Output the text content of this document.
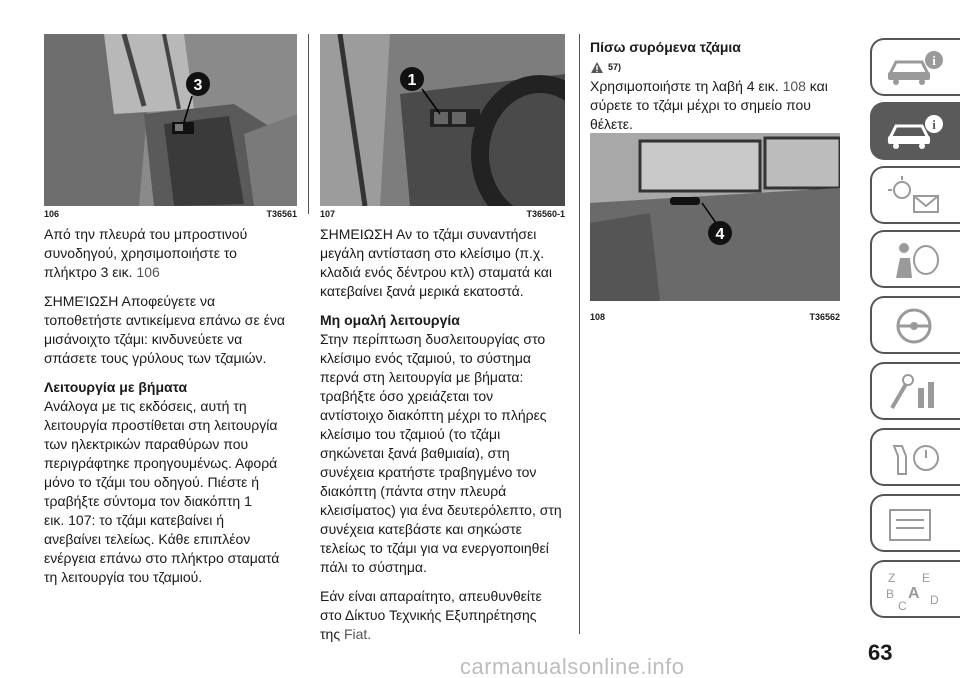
3
106	T36561
1
107	T36560-1
4
108	T36562

Από την πλευρά του μπροστινού
συνοδηγού, χρησιμοποιήστε το
πλήκτρο 3 εικ. 106

ΣΗΜΕΊΩΣΗ Αποφεύγετε να
τοποθετήστε αντικείμενα επάνω σε ένα
μισάνοιχτο τζάμι: κινδυνεύετε να
σπάσετε τους γρύλους των τζαμιών.

Λειτουργία με βήματα

Ανάλογα με τις εκδόσεις, αυτή τη
λειτουργία προστίθεται στη λειτουργία
των ηλεκτρικών παραθύρων που
περιγράφτηκε προηγουμένως. Αφορά
μόνο το τζάμι του οδηγού. Πιέστε ή
τραβήξτε σύντομα τον διακόπτη 1
εικ. 107: το τζάμι κατεβαίνει ή
ανεβαίνει τελείως. Κάθε επιπλέον
ενέργεια επάνω στο πλήκτρο σταματά
τη λειτουργία του τζαμιού.

ΣΗΜΕΙΩΣΗ Αν το τζάμι συναντήσει
μεγάλη αντίσταση στο κλείσιμο (π.χ.
κλαδιά ενός δέντρου κτλ) σταματά και
κατεβαίνει ξανά μερικά εκατοστά.

Μη ομαλή λειτουργία

Στην περίπτωση δυσλειτουργίας στο
κλείσιμο ενός τζαμιού, το σύστημα
περνά στη λειτουργία με βήματα:
τραβήξτε όσο χρειάζεται τον
αντίστοιχο διακόπτη μέχρι το πλήρες
κλείσιμο του τζαμιού (το τζάμι
σηκώνεται ξανά βαθμιαία), στη
συνέχεια κρατήστε τραβηγμένο τον
διακόπτη (πάντα στην πλευρά
κλεισίματος) για ένα δευτερόλεπτο, στη
συνέχεια κατεβάστε και σηκώστε
τελείως το τζάμι για να ενεργοποιηθεί
πάλι το σύστημα.

Εάν είναι απαραίτητο, απευθυνθείτε
στο Δίκτυο Τεχνικής Εξυπηρέτησης
της Fiat.

Πίσω συρόμενα τζάμια
57)

Χρησιμοποιήστε τη λαβή 4 εικ. 108 και
σύρετε το τζάμι μέχρι το σημείο που
θέλετε.

i
i
Z E
B A
C D
63
carmanualsonline.info
